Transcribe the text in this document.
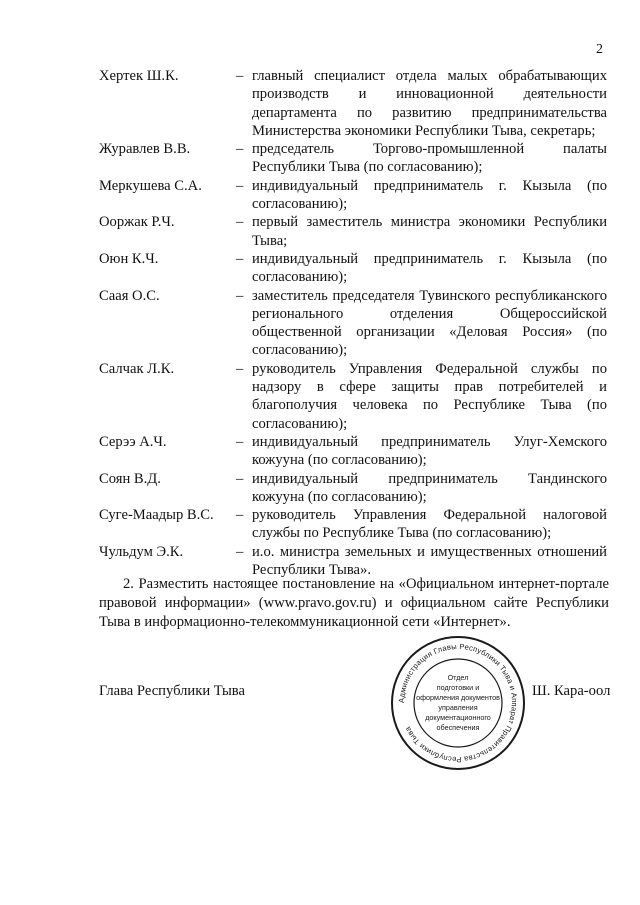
2
Хертек Ш.К.	– главный специалист отдела малых обрабатывающих производств и инновационной деятельности департамента по развитию предпринимательства Министерства экономики Республики Тыва, секретарь;
Журавлев В.В.	– председатель Торгово-промышленной палаты Республики Тыва (по согласованию);
Меркушева С.А.	– индивидуальный предприниматель г. Кызыла (по согласованию);
Ооржак Р.Ч.	– первый заместитель министра экономики Республики Тыва;
Оюн К.Ч.	– индивидуальный предприниматель г. Кызыла (по согласованию);
Саая О.С.	– заместитель председателя Тувинского республиканского регионального отделения Общероссийской общественной организации «Деловая Россия» (по согласованию);
Салчак Л.К.	– руководитель Управления Федеральной службы по надзору в сфере защиты прав потребителей и благополучия человека по Республике Тыва (по согласованию);
Серээ А.Ч.	– индивидуальный предприниматель Улуг-Хемского кожууна (по согласованию);
Соян В.Д.	– индивидуальный предприниматель Тандинского кожууна (по согласованию);
Суге-Маадыр В.С.	– руководитель Управления Федеральной налоговой службы по Республике Тыва (по согласованию);
Чульдум Э.К.	– и.о. министра земельных и имущественных отношений Республики Тыва».
2. Разместить настоящее постановление на «Официальном интернет-портале правовой информации» (www.pravo.gov.ru) и официальном сайте Республики Тыва в информационно-телекоммуникационной сети «Интернет».
Глава Республики Тыва
Администрация Главы Республики Тыва и Аппарат Правительства Республики Тыва
Отдел
подготовки и
оформления документов
управления
документационного
обеспечения
Ш. Кара-оол
